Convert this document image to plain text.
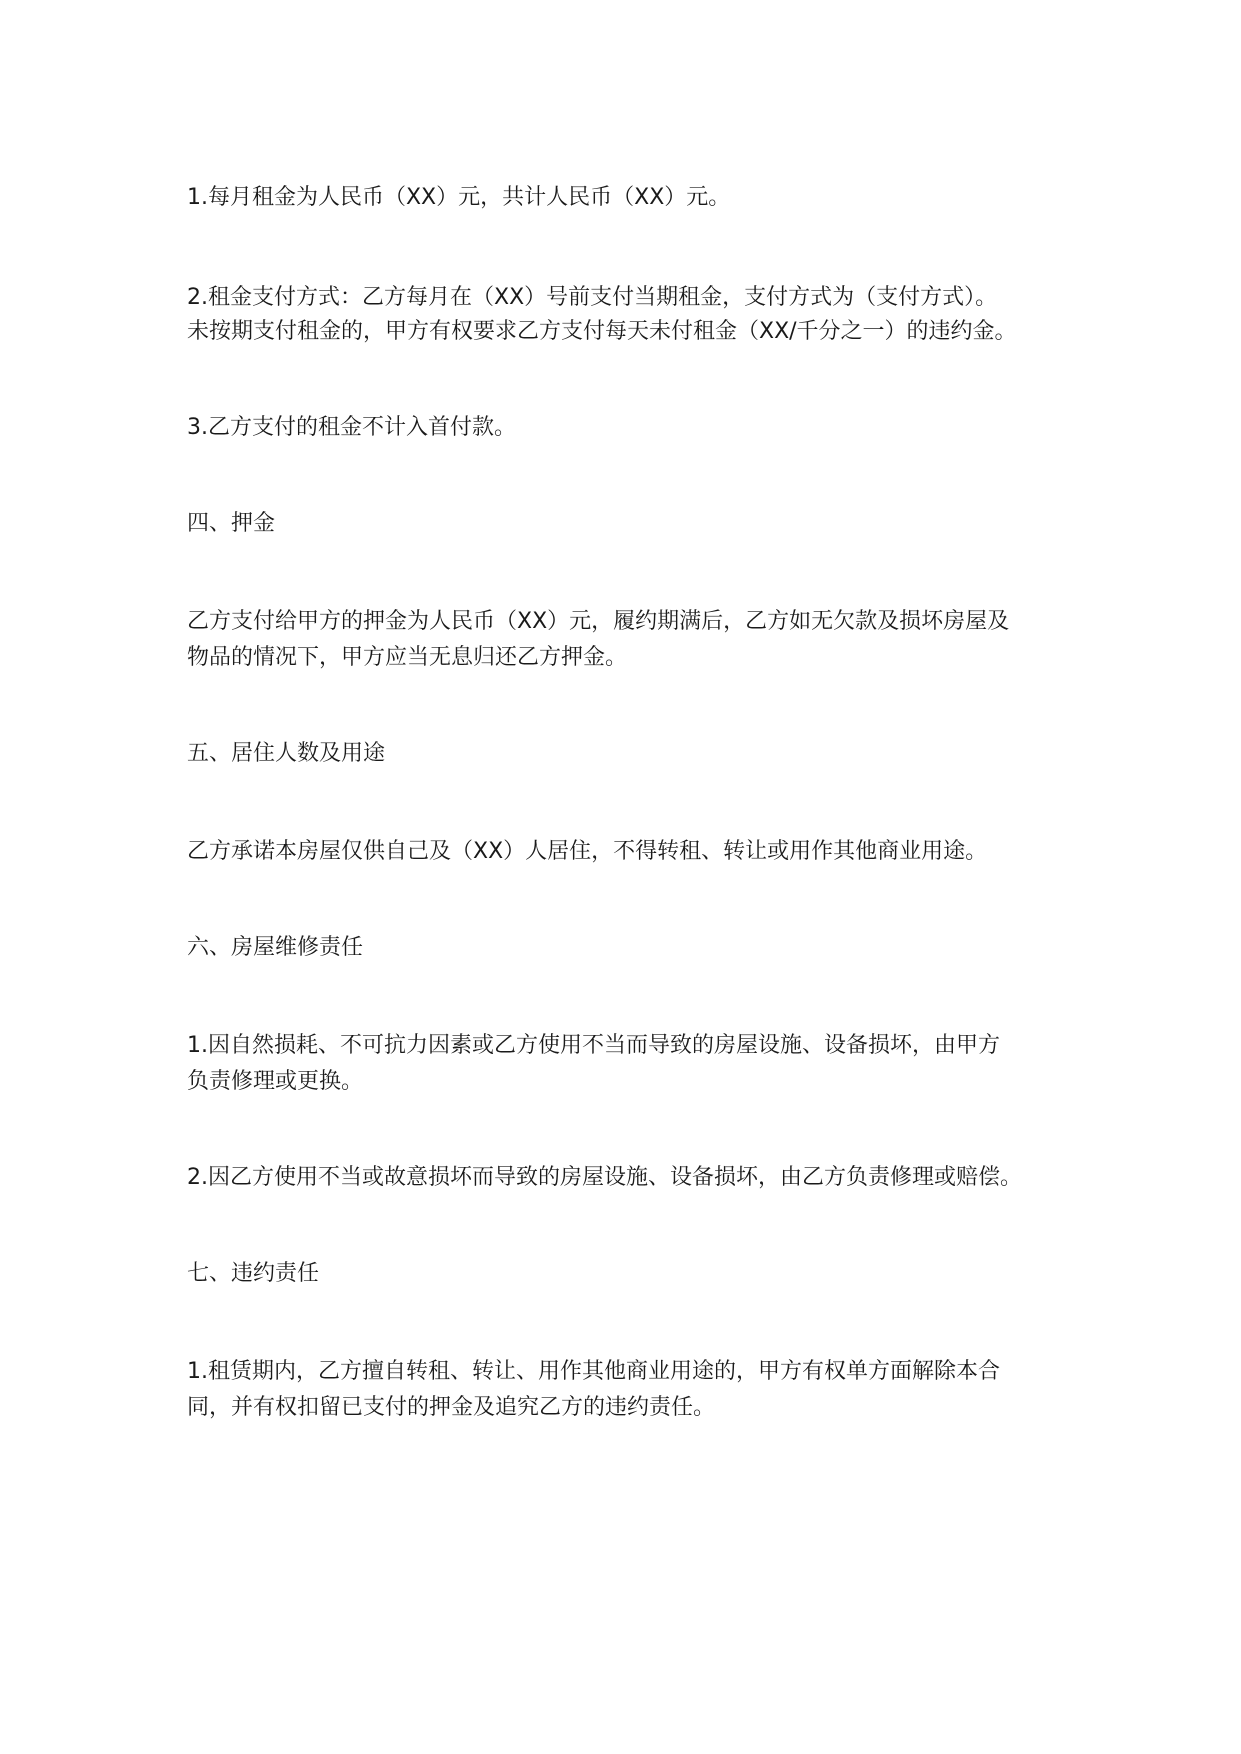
1.每月租金为人民币（XX）元，共计人民币（XX）元。
2.租金支付方式：乙方每月在（XX）号前支付当期租金，支付方式为（支付方式）。
未按期支付租金的，甲方有权要求乙方支付每天未付租金（XX/千分之一）的违约金。
3.乙方支付的租金不计入首付款。
四、押金
乙方支付给甲方的押金为人民币（XX）元，履约期满后，乙方如无欠款及损坏房屋及
物品的情况下，甲方应当无息归还乙方押金。
五、居住人数及用途
乙方承诺本房屋仅供自己及（XX）人居住，不得转租、转让或用作其他商业用途。
六、房屋维修责任
1.因自然损耗、不可抗力因素或乙方使用不当而导致的房屋设施、设备损坏，由甲方
负责修理或更换。
2.因乙方使用不当或故意损坏而导致的房屋设施、设备损坏，由乙方负责修理或赔偿。
七、违约责任
1.租赁期内，乙方擅自转租、转让、用作其他商业用途的，甲方有权单方面解除本合
同，并有权扣留已支付的押金及追究乙方的违约责任。
